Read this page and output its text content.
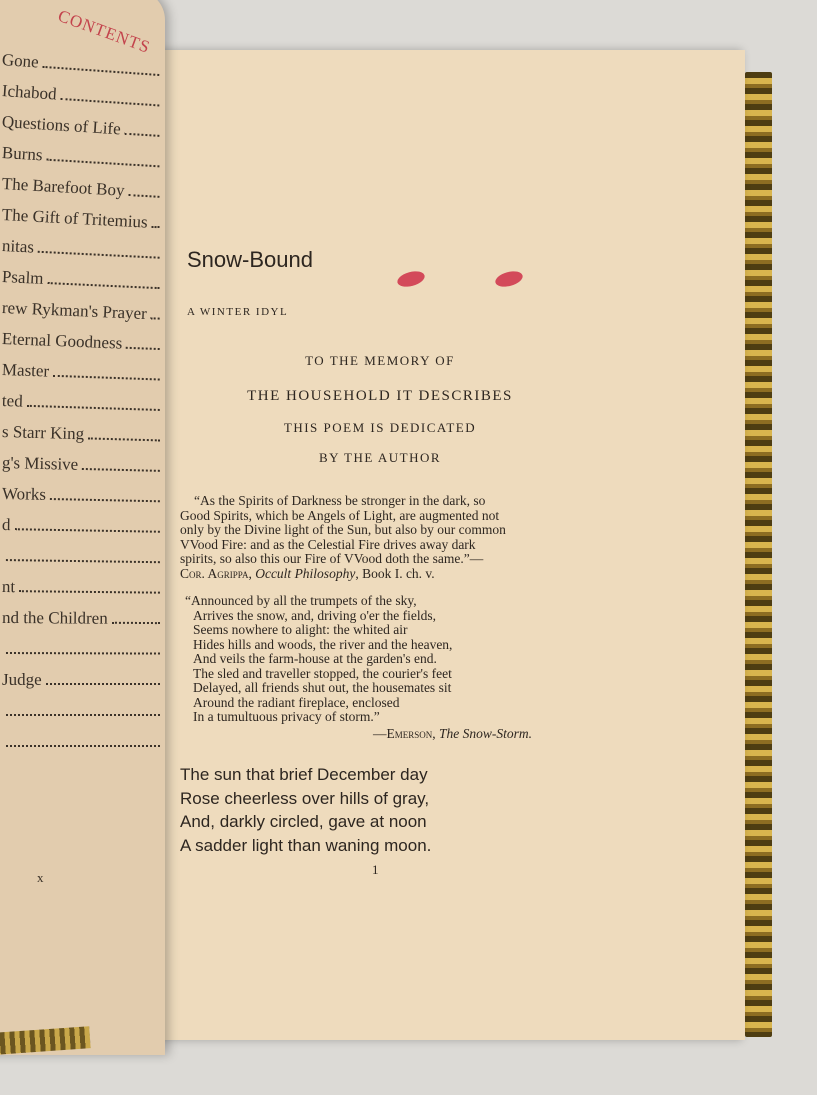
CONTENTS
Gone
Ichabod
Questions of Life
Burns
The Barefoot Boy
The Gift of Tritemius
nitas
Psalm
rew Rykman's Prayer
Eternal Goodness
Master
ted
s Starr King
g's Missive
Works
d
nt
nd the Children
Judge
x
Snow-Bound
A WINTER IDYL
TO THE MEMORY OF
THE HOUSEHOLD IT DESCRIBES
THIS POEM IS DEDICATED
BY THE AUTHOR
“As the Spirits of Darkness be stronger in the dark, so
Good Spirits, which be Angels of Light, are augmented not
only by the Divine light of the Sun, but also by our common
VVood Fire: and as the Celestial Fire drives away dark
spirits, so also this our Fire of VVood doth the same.”—
Cor. Agrippa, Occult Philosophy, Book I. ch. v.
“Announced by all the trumpets of the sky,
Arrives the snow, and, driving o'er the fields,
Seems nowhere to alight: the whited air
Hides hills and woods, the river and the heaven,
And veils the farm-house at the garden's end.
The sled and traveller stopped, the courier's feet
Delayed, all friends shut out, the housemates sit
Around the radiant fireplace, enclosed
In a tumultuous privacy of storm.”
—Emerson, The Snow-Storm.
The sun that brief December day
Rose cheerless over hills of gray,
And, darkly circled, gave at noon
A sadder light than waning moon.
1
